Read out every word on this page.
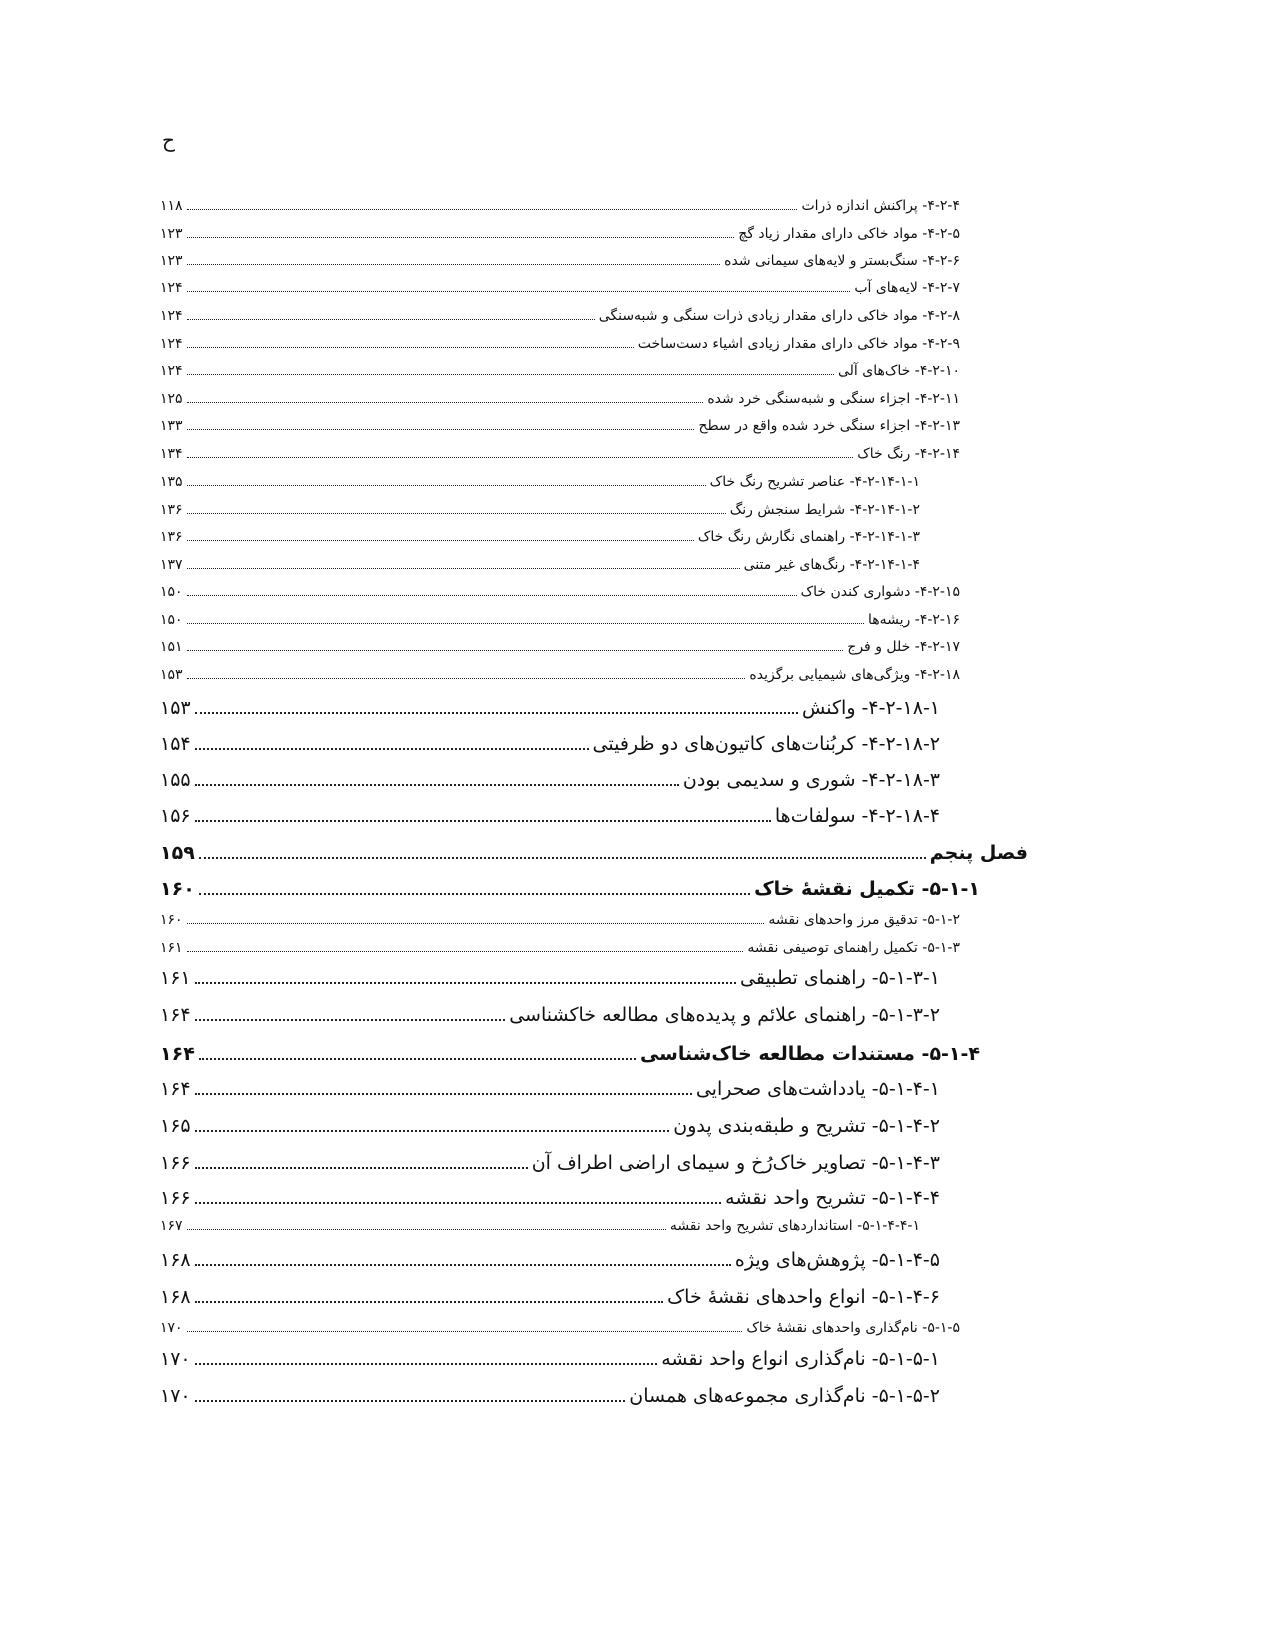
ح
۱۱۸	۴-۲-۴- پراکنش اندازه ذرات
۱۲۳	۴-۲-۵- مواد خاکی دارای مقدار زیاد گچ
۱۲۳	۴-۲-۶- سنگ‌بستر و لایه‌های سیمانی شده
۱۲۴	۴-۲-۷- لایه‌های آب
۱۲۴	۴-۲-۸- مواد خاکی دارای مقدار زیادی ذرات سنگی و شبه‌سنگی
۱۲۴	۴-۲-۹- مواد خاکی دارای مقدار زیادی اشیاء دست‌ساخت
۱۲۴	۴-۲-۱۰- خاک‌های آلی
۱۲۵	۴-۲-۱۱- اجزاء سنگی و شبه‌سنگی خرد شده
۱۳۳	۴-۲-۱۳- اجزاء سنگی خرد شده واقع در سطح
۱۳۴	۴-۲-۱۴- رنگ خاک
۱۳۵	۴-۲-۱۴-۱-۱- عناصر تشریح رنگ خاک
۱۳۶	۴-۲-۱۴-۱-۲- شرایط سنجش رنگ
۱۳۶	۴-۲-۱۴-۱-۳- راهنمای نگارش رنگ خاک
۱۳۷	۴-۲-۱۴-۱-۴- رنگ‌های غیر متنی
۱۵۰	۴-۲-۱۵- دشواری کندن خاک
۱۵۰	۴-۲-۱۶- ریشه‌ها
۱۵۱	۴-۲-۱۷- خلل و فرج
۱۵۳	۴-۲-۱۸- ویژگی‌های شیمیایی برگزیده
۱۵۳	۴-۲-۱۸-۱- واکنش
۱۵۴	۴-۲-۱۸-۲- کربُنات‌های کاتیون‌های دو ظرفیتی
۱۵۵	۴-۲-۱۸-۳- شوری و سدیمی بودن
۱۵۶	۴-۲-۱۸-۴- سولفات‌ها
۱۵۹	فصل پنجم
۱۶۰	۵-۱-۱- تکمیل نقشهٔ خاک
۱۶۰	۵-۱-۲- تدقیق مرز واحدهای نقشه
۱۶۱	۵-۱-۳- تکمیل راهنمای توصیفی نقشه
۱۶۱	۵-۱-۳-۱- راهنمای تطبیقی
۱۶۴	۵-۱-۳-۲- راهنمای علائم و پدیده‌های مطالعه خاکشناسی
۱۶۴	۵-۱-۴- مستندات مطالعه خاک‌شناسی
۱۶۴	۵-۱-۴-۱- یادداشت‌های صحرایی
۱۶۵	۵-۱-۴-۲- تشریح و طبقه‌بندی پدون
۱۶۶	۵-۱-۴-۳- تصاویر خاک‌رُخ و سیمای اراضی اطراف آن
۱۶۶	۵-۱-۴-۴- تشریح واحد نقشه
۱۶۷	۵-۱-۴-۴-۱- استانداردهای تشریح واحد نقشه
۱۶۸	۵-۱-۴-۵- پژوهش‌های ویژه
۱۶۸	۵-۱-۴-۶- انواع واحدهای نقشهٔ خاک
۱۷۰	۵-۱-۵- نام‌گذاری واحدهای نقشهٔ خاک
۱۷۰	۵-۱-۵-۱- نام‌گذاری انواع واحد نقشه
۱۷۰	۵-۱-۵-۲- نام‌گذاری مجموعه‌های همسان
